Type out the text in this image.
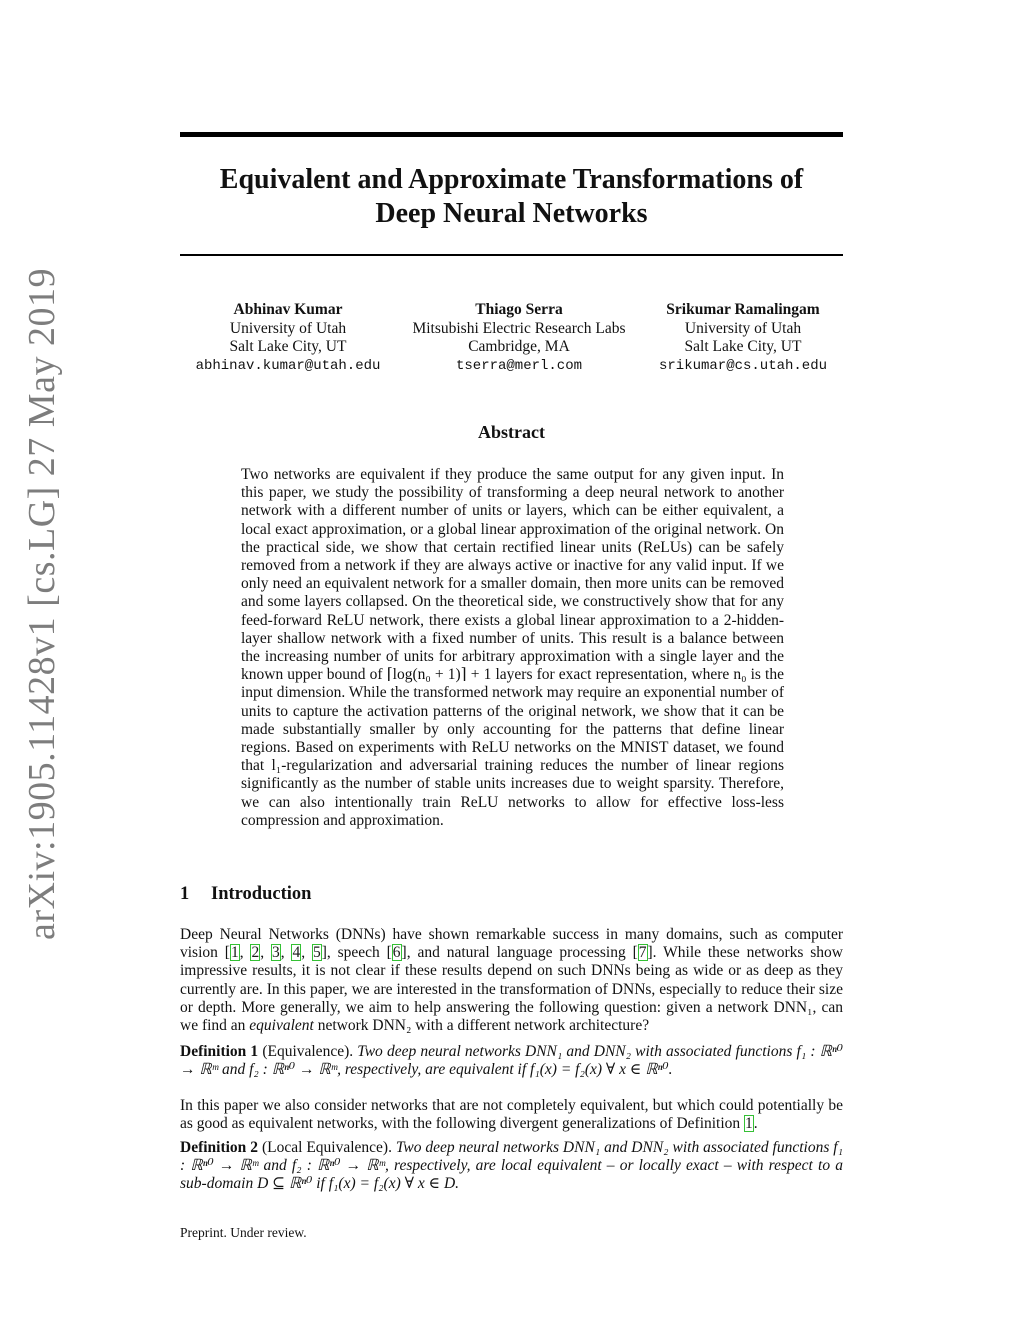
arXiv:1905.11428v1 [cs.LG] 27 May 2019
Equivalent and Approximate Transformations of
Deep Neural Networks
Abhinav Kumar
University of Utah
Salt Lake City, UT
abhinav.kumar@utah.edu
Thiago Serra
Mitsubishi Electric Research Labs
Cambridge, MA
tserra@merl.com
Srikumar Ramalingam
University of Utah
Salt Lake City, UT
srikumar@cs.utah.edu
Abstract
Two networks are equivalent if they produce the same output for any given input. In this paper, we study the possibility of transforming a deep neural network to another network with a different number of units or layers, which can be either equivalent, a local exact approximation, or a global linear approximation of the original network. On the practical side, we show that certain rectified linear units (ReLUs) can be safely removed from a network if they are always active or inactive for any valid input. If we only need an equivalent network for a smaller domain, then more units can be removed and some layers collapsed. On the theoretical side, we constructively show that for any feed-forward ReLU network, there exists a global linear approximation to a 2-hidden-layer shallow network with a fixed number of units. This result is a balance between the increasing number of units for arbitrary approximation with a single layer and the known upper bound of ⌈log(n₀ + 1)⌉ + 1 layers for exact representation, where n₀ is the input dimension. While the transformed network may require an exponential number of units to capture the activation patterns of the original network, we show that it can be made substantially smaller by only accounting for the patterns that define linear regions. Based on experiments with ReLU networks on the MNIST dataset, we found that l₁-regularization and adversarial training reduces the number of linear regions significantly as the number of stable units increases due to weight sparsity. Therefore, we can also intentionally train ReLU networks to allow for effective loss-less compression and approximation.
1 Introduction
Deep Neural Networks (DNNs) have shown remarkable success in many domains, such as computer vision [1, 2, 3, 4, 5], speech [6], and natural language processing [7]. While these networks show impressive results, it is not clear if these results depend on such DNNs being as wide or as deep as they currently are. In this paper, we are interested in the transformation of DNNs, especially to reduce their size or depth. More generally, we aim to help answering the following question: given a network DNN₁, can we find an equivalent network DNN₂ with a different network architecture?
Definition 1 (Equivalence). Two deep neural networks DNN₁ and DNN₂ with associated functions f₁ : ℝⁿ⁰ → ℝᵐ and f₂ : ℝⁿ⁰ → ℝᵐ, respectively, are equivalent if f₁(x) = f₂(x) ∀ x ∈ ℝⁿ⁰.
In this paper we also consider networks that are not completely equivalent, but which could potentially be as good as equivalent networks, with the following divergent generalizations of Definition 1.
Definition 2 (Local Equivalence). Two deep neural networks DNN₁ and DNN₂ with associated functions f₁ : ℝⁿ⁰ → ℝᵐ and f₂ : ℝⁿ⁰ → ℝᵐ, respectively, are local equivalent – or locally exact – with respect to a sub-domain D ⊆ ℝⁿ⁰ if f₁(x) = f₂(x) ∀ x ∈ D.
Preprint. Under review.
